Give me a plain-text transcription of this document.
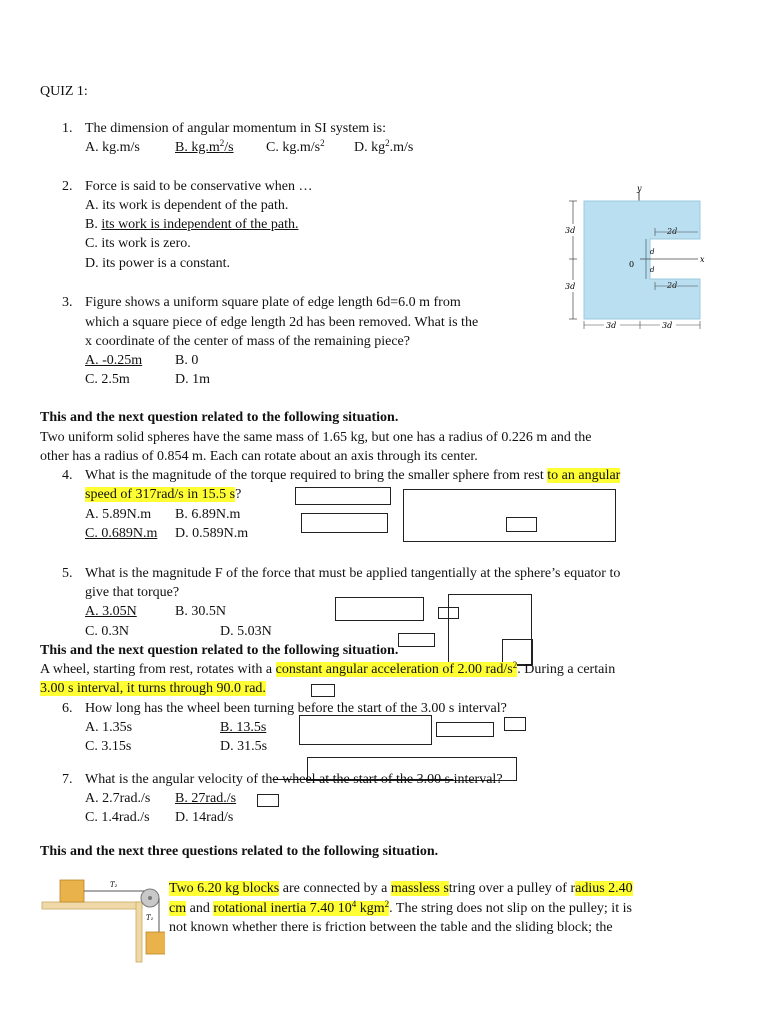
QUIZ 1:
1. The dimension of angular momentum in SI system is:
A. kg.m/s	B. $kg.m^2/s$ C. $kg.m/s^2$ D. $kg^2.m/s$
2. Force is said to be conservative when …
A. its work is dependent of the path.
B. its work is independent of the path.
C. its work is zero.
D. its power is a constant.
y
x
0
3d
3d
2d
2d
d
d
3d	3d
3. Figure shows a uniform square plate of edge length 6d=6.0 m from
which a square piece of edge length 2d has been removed. What is the
x coordinate of the center of mass of the remaining piece?
A. -0.25m B. 0
C. 2.5m	D. 1m
This and the next question related to the following situation.
Two uniform solid spheres have the same mass of 1.65 kg, but one has a radius of 0.226 m and the
other has a radius of 0.854 m. Each can rotate about an axis through its center.
4. What is the magnitude of the torque required to bring the smaller sphere from rest to an angular
speed of 317rad/s in 15.5 s?
A. 5.89N.m B. 6.89N.m
C. 0.689N.m D. 0.589N.m
5. What is the magnitude F of the force that must be applied tangentially at the sphere’s equator to
give that torque?
A. 3.05N	B. 30.5N
C. 0.3N	D. 5.03N
This and the next question related to the following situation.
A wheel, starting from rest, rotates with a constant angular acceleration of 2.00 rad/$s^2$. During a certain
3.00 s interval, it turns through 90.0 rad.
6. How long has the wheel been turning before the start of the 3.00 s interval?
A. 1.35s	B. 13.5s
C. 3.15s	D. 31.5s
7. What is the angular velocity of the wheel at the start of the 3.00 s interval?
A. 2.7rad./s B. 27rad./s
C. 1.4rad./s D. 14rad/s
This and the next three questions related to the following situation.
T₂
T₁
Two 6.20 kg blocks are connected by a massless string over a pulley of radius 2.40
cm and rotational inertia 7.40 $10^4$ kgm$^2$. The string does not slip on the pulley; it is
not known whether there is friction between the table and the sliding block; the
